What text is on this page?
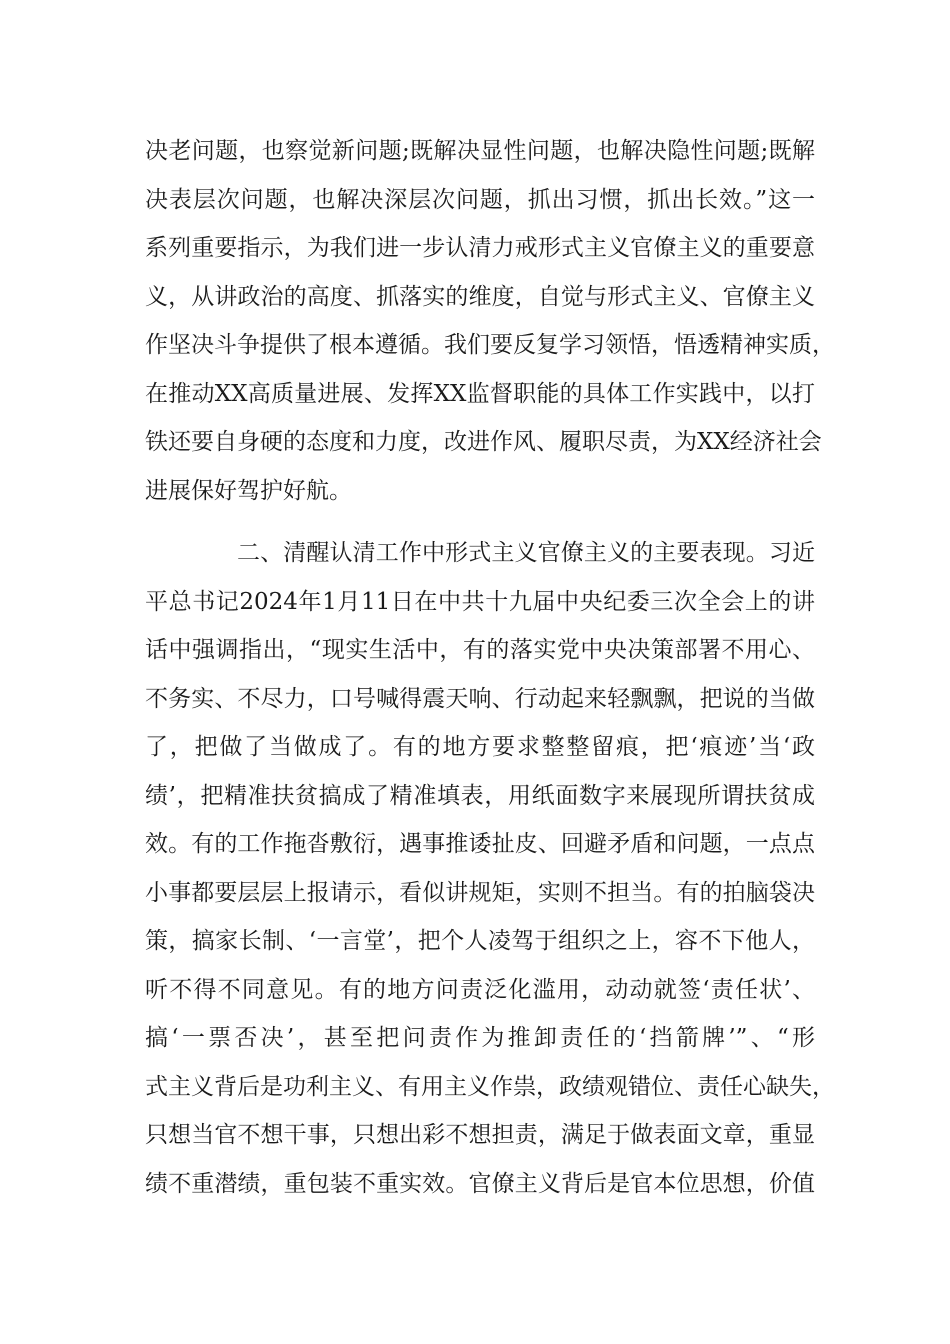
决老问题，也察觉新问题;既解决显性问题，也解决隐性问题;既解
决表层次问题，也解决深层次问题，抓出习惯，抓出长效。”这一
系列重要指示，为我们进一步认清力戒形式主义官僚主义的重要意
义，从讲政治的高度、抓落实的维度，自觉与形式主义、官僚主义
作坚决斗争提供了根本遵循。我们要反复学习领悟，悟透精神实质，
在推动XX高质量进展、发挥XX监督职能的具体工作实践中，以打
铁还要自身硬的态度和力度，改进作风、履职尽责，为XX经济社会
进展保好驾护好航。
二、清醒认清工作中形式主义官僚主义的主要表现。习近
平总书记2024年1月11日在中共十九届中央纪委三次全会上的讲
话中强调指出，“现实生活中，有的落实党中央决策部署不用心、
不务实、不尽力，口号喊得震天响、行动起来轻飘飘，把说的当做
了，把做了当做成了。有的地方要求整整留痕，把‘痕迹’当‘政
绩’，把精准扶贫搞成了精准填表，用纸面数字来展现所谓扶贫成
效。有的工作拖沓敷衍，遇事推诿扯皮、回避矛盾和问题，一点点
小事都要层层上报请示，看似讲规矩，实则不担当。有的拍脑袋决
策，搞家长制、‘一言堂’，把个人凌驾于组织之上，容不下他人，
听不得不同意见。有的地方问责泛化滥用，动动就签‘责任状’、
搞‘一票否决’，甚至把问责作为推卸责任的‘挡箭牌’”、“形
式主义背后是功利主义、有用主义作祟，政绩观错位、责任心缺失，
只想当官不想干事，只想出彩不想担责，满足于做表面文章，重显
绩不重潜绩，重包装不重实效。官僚主义背后是官本位思想，价值
